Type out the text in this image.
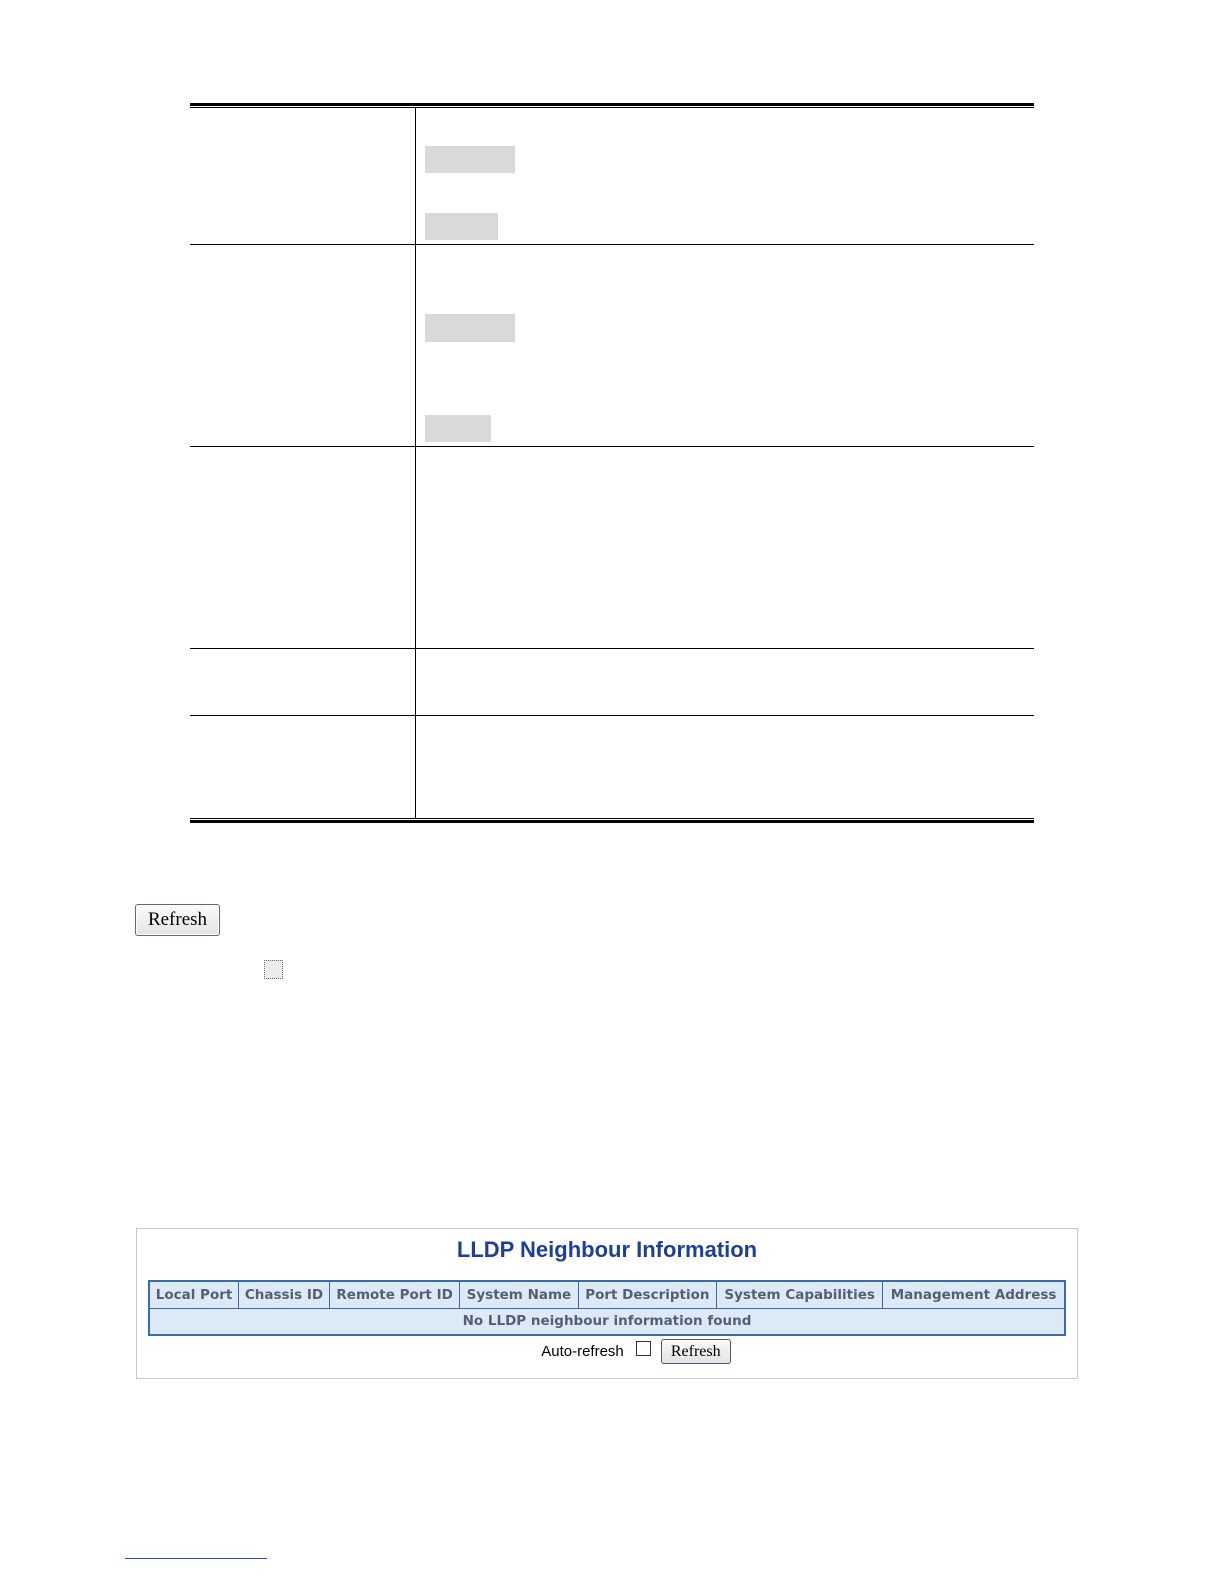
Refresh
LLDP Neighbour Information
Local Port	Chassis ID	Remote Port ID	System Name	Port Description	System Capabilities	Management Address
No LLDP neighbour information found
Auto-refresh	Refresh
